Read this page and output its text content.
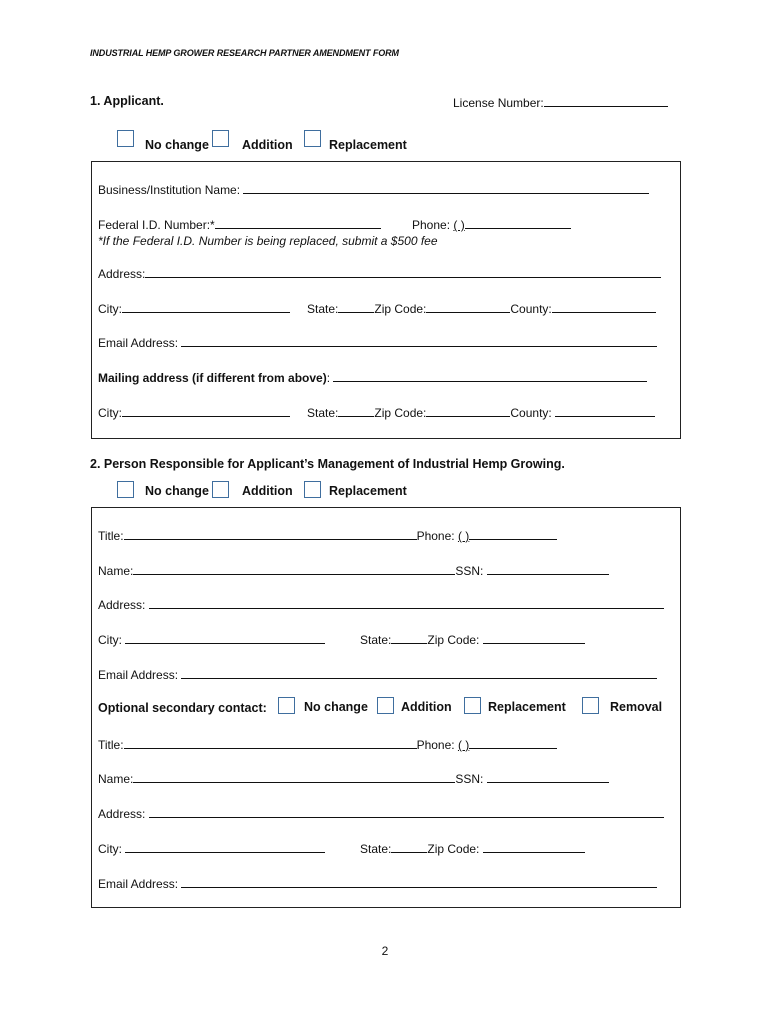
INDUSTRIAL HEMP GROWER RESEARCH PARTNER AMENDMENT FORM
1. Applicant.	License Number:
No change	Addition	Replacement
Business/Institution Name:
Federal I.D. Number:*	Phone: ( )
*If the Federal I.D. Number is being replaced, submit a $500 fee
Address:
City:	State:	Zip Code:	County:
Email Address:
Mailing address (if different from above):
City:	State:	Zip Code:	County:
2. Person Responsible for Applicant’s Management of Industrial Hemp Growing.
No change	Addition	Replacement
Title:	Phone: ( )
Name:	SSN:
Address:
City:	State:	Zip Code:
Email Address:
Optional secondary contact:	No change	Addition	Replacement	Removal
Title:	Phone: ( )
Name:	SSN:
Address:
City:	State:	Zip Code:
Email Address:
2
